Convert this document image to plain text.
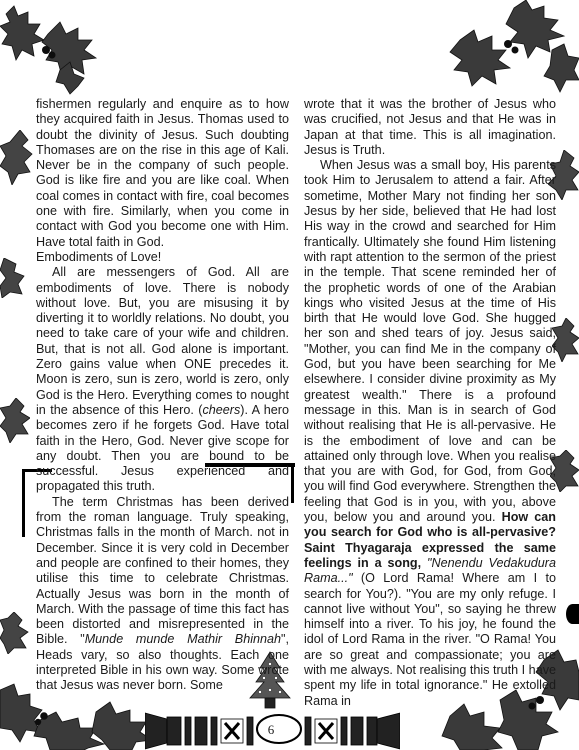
fishermen regularly and enquire as to how they acquired faith in Jesus. Thomas used to doubt the divinity of Jesus. Such doubting Thomases are on the rise in this age of Kali. Never be in the company of such people. God is like fire and you are like coal. When coal comes in contact with fire, coal becomes one with fire. Similarly, when you come in contact with God you become one with Him. Have total faith in God.

Embodiments of Love!

All are messengers of God. All are embodiments of love. There is nobody without love. But, you are misusing it by diverting it to worldly relations. No doubt, you need to take care of your wife and children. But, that is not all. God alone is important. Zero gains value when ONE precedes it. Moon is zero, sun is zero, world is zero, only God is the Hero. Everything comes to nought in the absence of this Hero. (cheers). A hero becomes zero if he forgets God. Have total faith in the Hero, God. Never give scope for any doubt. Then you are bound to be successful. Jesus experienced and propagated this truth.

The term Christmas has been derived from the roman language. Truly speaking, Christmas falls in the month of March. not in December. Since it is very cold in December and people are confined to their homes, they utilise this time to celebrate Christmas. Actually Jesus was born in the month of March. With the passage of time this fact has been distorted and misrepresented in the Bible. "Munde munde Mathir Bhinnah", Heads vary, so also thoughts. Each one interpreted Bible in his own way. Some wrote that Jesus was never born. Some

wrote that it was the brother of Jesus who was crucified, not Jesus and that He was in Japan at that time. This is all imagination. Jesus is Truth.

When Jesus was a small boy, His parents took Him to Jerusalem to attend a fair. After sometime, Mother Mary not finding her son Jesus by her side, believed that He had lost His way in the crowd and searched for Him frantically. Ultimately she found Him listening with rapt attention to the sermon of the priest in the temple. That scene reminded her of the prophetic words of one of the Arabian kings who visited Jesus at the time of His birth that He would love God. She hugged her son and shed tears of joy. Jesus said, "Mother, you can find Me in the company of God, but you have been searching for Me elsewhere. I consider divine proximity as My greatest wealth." There is a profound message in this. Man is in search of God without realising that He is all-pervasive. He is the embodiment of love and can be attained only through love. When you realise that you are with God, for God, from God, you will find God everywhere. Strengthen the feeling that God is in you, with you, above you, below you and around you. How can you search for God who is all-pervasive? Saint Thyagaraja expressed the same feelings in a song, "Nenendu Vedakudura Rama..." (O Lord Rama! Where am I to search for You?). "You are my only refuge. I cannot live without You", so saying he threw himself into a river. To his joy, he found the idol of Lord Rama in the river. "O Rama! You are so great and compassionate; you are with me always. Not realising this truth I have spent my life in total ignorance." He extolled Rama in

6
